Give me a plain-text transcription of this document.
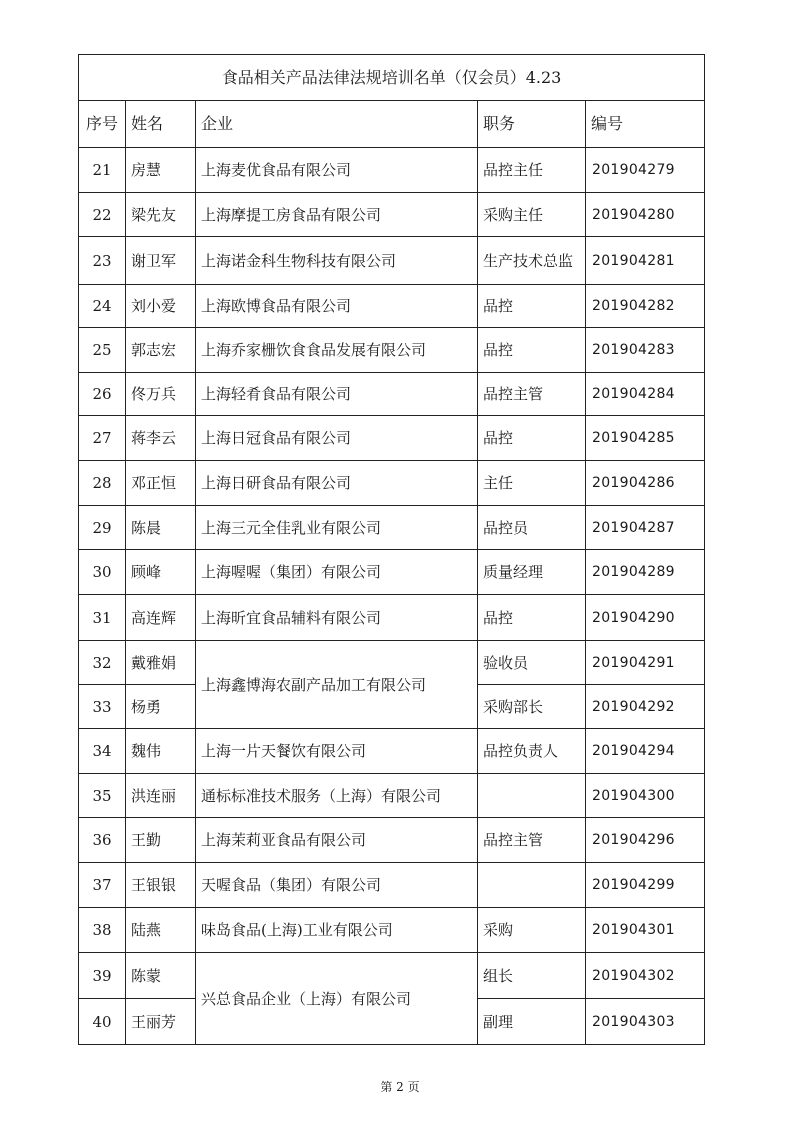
食品相关产品法律法规培训名单（仅会员）4.23				
序号	姓名	企业	职务	编号
21	房慧	上海麦优食品有限公司	品控主任	201904279
22	梁先友	上海摩提工房食品有限公司	采购主任	201904280
23	谢卫军	上海诺金科生物科技有限公司	生产技术总监	201904281
24	刘小爱	上海欧博食品有限公司	品控	201904282
25	郭志宏	上海乔家栅饮食食品发展有限公司	品控	201904283
26	佟万兵	上海轻肴食品有限公司	品控主管	201904284
27	蒋李云	上海日冠食品有限公司	品控	201904285
28	邓正恒	上海日研食品有限公司	主任	201904286
29	陈晨	上海三元全佳乳业有限公司	品控员	201904287
30	顾峰	上海喔喔（集团）有限公司	质量经理	201904289
31	高连辉	上海昕宜食品辅料有限公司	品控	201904290
32	戴雅娟	上海鑫博海农副产品加工有限公司	验收员	201904291
33	杨勇		采购部长	201904292
34	魏伟	上海一片天餐饮有限公司	品控负责人	201904294
35	洪连丽	通标标准技术服务（上海）有限公司		201904300
36	王勤	上海茉莉亚食品有限公司	品控主管	201904296
37	王银银	天喔食品（集团）有限公司		201904299
38	陆燕	味岛食品(上海)工业有限公司	采购	201904301
39	陈蒙	兴总食品企业（上海）有限公司	组长	201904302
40	王丽芳		副理	201904303
第 2 页
